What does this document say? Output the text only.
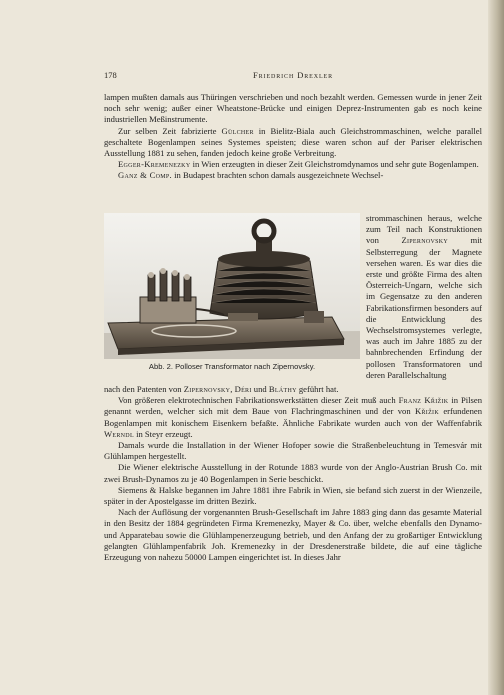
178	Friedrich Drexler

lampen mußten damals aus Thüringen verschrieben und noch bezahlt werden. Gemessen wurde in jener Zeit noch sehr wenig; außer einer Wheatstone-Brücke und einigen Deprez-Instrumenten gab es noch keine industriellen Meßinstrumente.

Zur selben Zeit fabrizierte Gülcher in Bielitz-Biala auch Gleichstrommaschinen, welche parallel geschaltete Bogenlampen seines Systemes speisten; diese waren schon auf der Pariser elektrischen Ausstellung 1881 zu sehen, fanden jedoch keine große Verbreitung.

Egger-Kremenezky in Wien erzeugten in dieser Zeit Gleichstromdynamos und sehr gute Bogenlampen.

Ganz & Comp. in Budapest brachten schon damals ausgezeichnete Wechsel-

Abb. 2. Polloser Transformator nach Zipernovsky.

strommaschinen heraus, welche zum Teil nach Konstruktionen von Zipernovsky mit Selbsterregung der Magnete versehen waren. Es war dies die erste und größte Firma des alten Österreich-Ungarn, welche sich im Gegensatze zu den anderen Fabrikationsfirmen besonders auf die Entwicklung des Wechselstromsystemes verlegte, was auch im Jahre 1885 zu der bahnbrechenden Erfindung der pollosen Transformatoren und deren Parallelschaltung

nach den Patenten von Zipernovsky, Déri und Bláthy geführt hat.

Von größeren elektrotechnischen Fabrikationswerkstätten dieser Zeit muß auch Franz Křižik in Pilsen genannt werden, welcher sich mit dem Baue von Flachringmaschinen und der von Křižik erfundenen Bogenlampen mit konischem Eisenkern befaßte. Ähnliche Fabrikate wurden auch von der Waffenfabrik Werndl in Steyr erzeugt.

Damals wurde die Installation in der Wiener Hofoper sowie die Straßenbeleuchtung in Temesvár mit Glühlampen hergestellt.

Die Wiener elektrische Ausstellung in der Rotunde 1883 wurde von der Anglo-Austrian Brush Co. mit zwei Brush-Dynamos zu je 40 Bogenlampen in Serie beschickt.

Siemens & Halske begannen im Jahre 1881 ihre Fabrik in Wien, sie befand sich zuerst in der Wienzeile, später in der Apostelgasse im dritten Bezirk.

Nach der Auflösung der vorgenannten Brush-Gesellschaft im Jahre 1883 ging dann das gesamte Material in den Besitz der 1884 gegründeten Firma Kremenezky, Mayer & Co. über, welche ebenfalls den Dynamo- und Apparatebau sowie die Glühlampenerzeugung betrieb, und den Anfang der zu großartiger Entwicklung gelangten Glühlampenfabrik Joh. Kremenezky in der Dresdenerstraße bildete, die auf eine tägliche Erzeugung von nahezu 50000 Lampen eingerichtet ist. In dieses Jahr
